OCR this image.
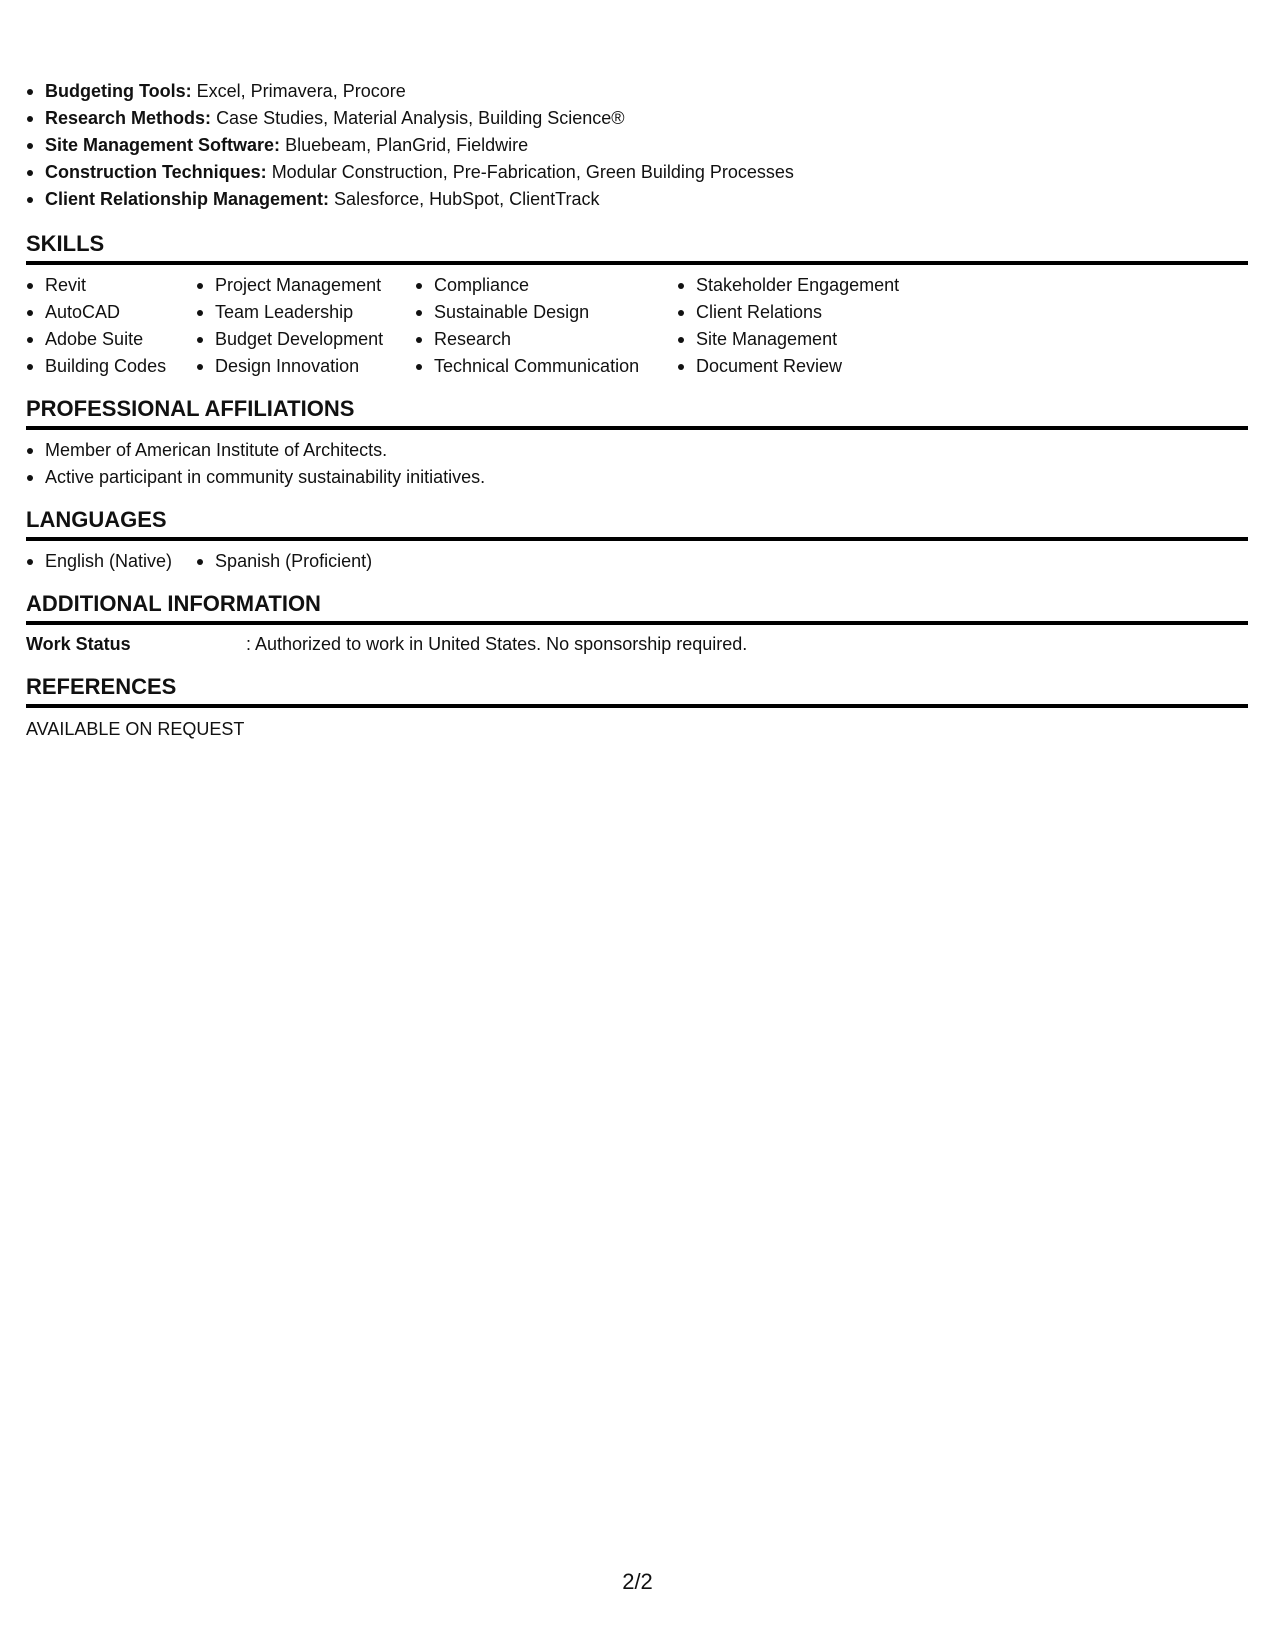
Budgeting Tools: Excel, Primavera, Procore
Research Methods: Case Studies, Material Analysis, Building Science®
Site Management Software: Bluebeam, PlanGrid, Fieldwire
Construction Techniques: Modular Construction, Pre-Fabrication, Green Building Processes
Client Relationship Management: Salesforce, HubSpot, ClientTrack
SKILLS
Revit
AutoCAD
Adobe Suite
Building Codes
Project Management
Team Leadership
Budget Development
Design Innovation
Compliance
Sustainable Design
Research
Technical Communication
Stakeholder Engagement
Client Relations
Site Management
Document Review
PROFESSIONAL AFFILIATIONS
Member of American Institute of Architects.
Active participant in community sustainability initiatives.
LANGUAGES
English (Native)	Spanish (Proficient)
ADDITIONAL INFORMATION
Work Status	: Authorized to work in United States. No sponsorship required.
REFERENCES
AVAILABLE ON REQUEST
2/2
